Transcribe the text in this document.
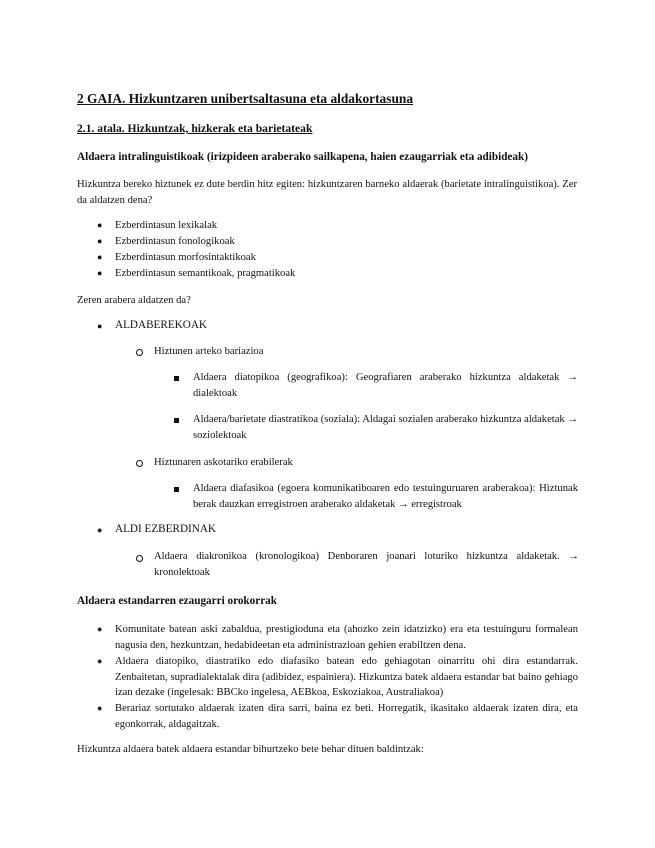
2 GAIA. Hizkuntzaren unibertsaltasuna eta aldakortasuna

2.1. atala. Hizkuntzak, hizkerak eta barietateak

Aldaera intralinguistikoak (irizpideen araberako sailkapena, haien ezaugarriak eta adibideak)

Hizkuntza bereko hiztunek ez dute berdin hitz egiten: hizkuntzaren barneko aldaerak (barietate intralinguistikoa). Zer da aldatzen dena?

● Ezberdintasun lexikalak

● Ezberdintasun fonologikoak

● Ezberdintasun morfosintaktikoak

● Ezberdintasun semantikoak, pragmatikoak

Zeren arabera aldatzen da?

● ALDABEREKOAK

Hiztunen arteko bariazioa

Aldaera diatopikoa (geografikoa): Geografiaren araberako hizkuntza aldaketak → dialektoak

Aldaera/barietate diastratikoa (soziala): Aldagai sozialen araberako hizkuntza aldaketak → soziolektoak

Hiztunaren askotariko erabilerak

Aldaera diafasikoa (egoera komunikatiboaren edo testuinguruaren araberakoa): Hiztunak berak dauzkan erregistroen araberako aldaketak → erregistroak

● ALDI EZBERDINAK

Aldaera diakronikoa (kronologikoa) Denboraren joanari loturiko hizkuntza aldaketak. → kronolektoak

Aldaera estandarren ezaugarri orokorrak

● Komunitate batean aski zabaldua, prestigioduna eta (ahozko zein idatzizko) era eta testuinguru formalean nagusia den, hezkuntzan, hedabideetan eta administrazioan gehien erabiltzen dena.

● Aldaera diatopiko, diastratiko edo diafasiko batean edo gehiagotan oinarritu ohi dira estandarrak. Zenbaitetan, supradialektalak dira (adibidez, espainiera). Hizkuntza batek aldaera estandar bat baino gehiago izan dezake (ingelesak: BBCko ingelesa, AEBkoa, Eskoziakoa, Australiakoa)

● Berariaz sortutako aldaerak izaten dira sarri, baina ez beti. Horregatik, ikasitako aldaerak izaten dira, eta egonkorrak, aldagaitzak.

Hizkuntza aldaera batek aldaera estandar bihurtzeko bete behar dituen baldintzak:
